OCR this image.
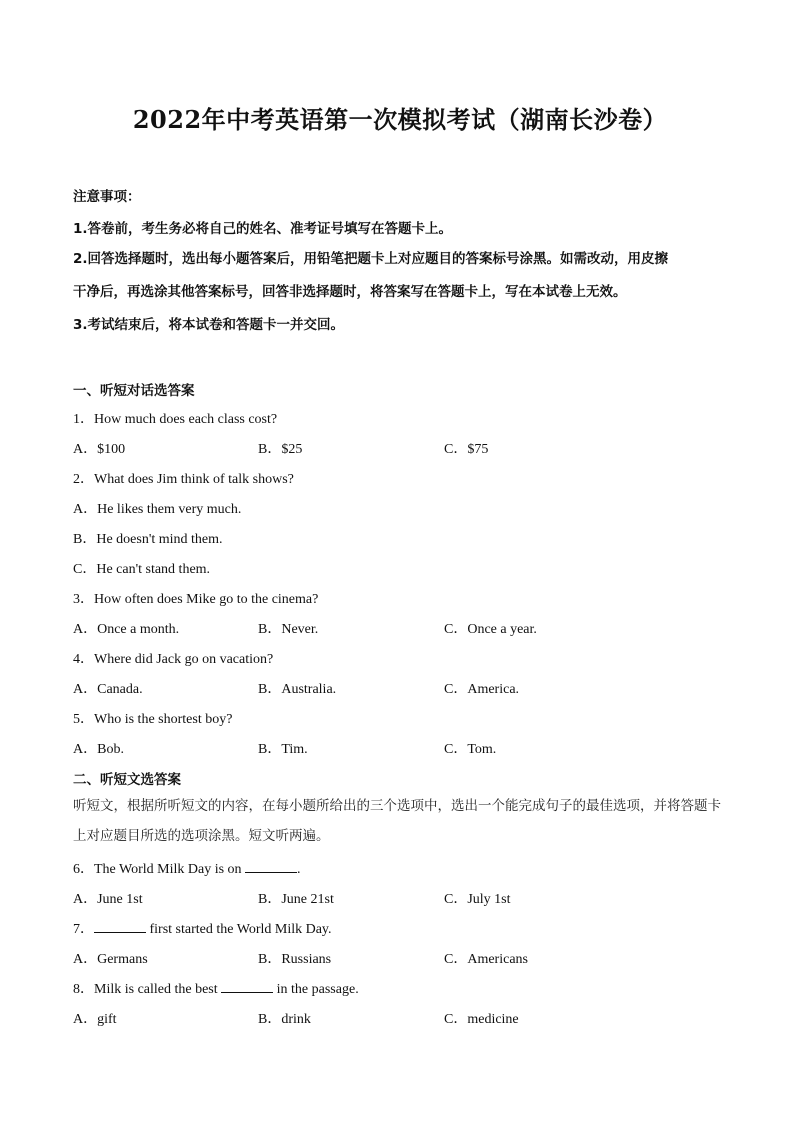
2022年中考英语第一次模拟考试（湖南长沙卷）
注意事项：
1.答卷前，考生务必将自己的姓名、准考证号填写在答题卡上。
2.回答选择题时，选出每小题答案后，用铅笔把题卡上对应题目的答案标号涂黑。如需改动，用皮擦
干净后，再选涂其他答案标号，回答非选择题时，将答案写在答题卡上，写在本试卷上无效。
3.考试结束后，将本试卷和答题卡一并交回。
一、听短对话选答案
1．How much does each class cost?
A．$100	B．$25	C．$75
2．What does Jim think of talk shows?
A．He likes them very much.
B．He doesn't mind them.
C．He can't stand them.
3．How often does Mike go to the cinema?
A．Once a month.	B．Never.	C．Once a year.
4．Where did Jack go on vacation?
A．Canada.	B．Australia.	C．America.
5．Who is the shortest boy?
A．Bob.	B．Tim.	C．Tom.
二、听短文选答案
听短文，根据所听短文的内容，在每小题所给出的三个选项中，选出一个能完成句子的最佳选项，并将答题卡上对应题目所选的选项涂黑。短文听两遍。
6．The World Milk Day is on	.
A．June 1st	B．June 21st	C．July 1st
7．	first started the World Milk Day.
A．Germans	B．Russians	C．Americans
8．Milk is called the best	in the passage.
A．gift	B．drink	C．medicine
